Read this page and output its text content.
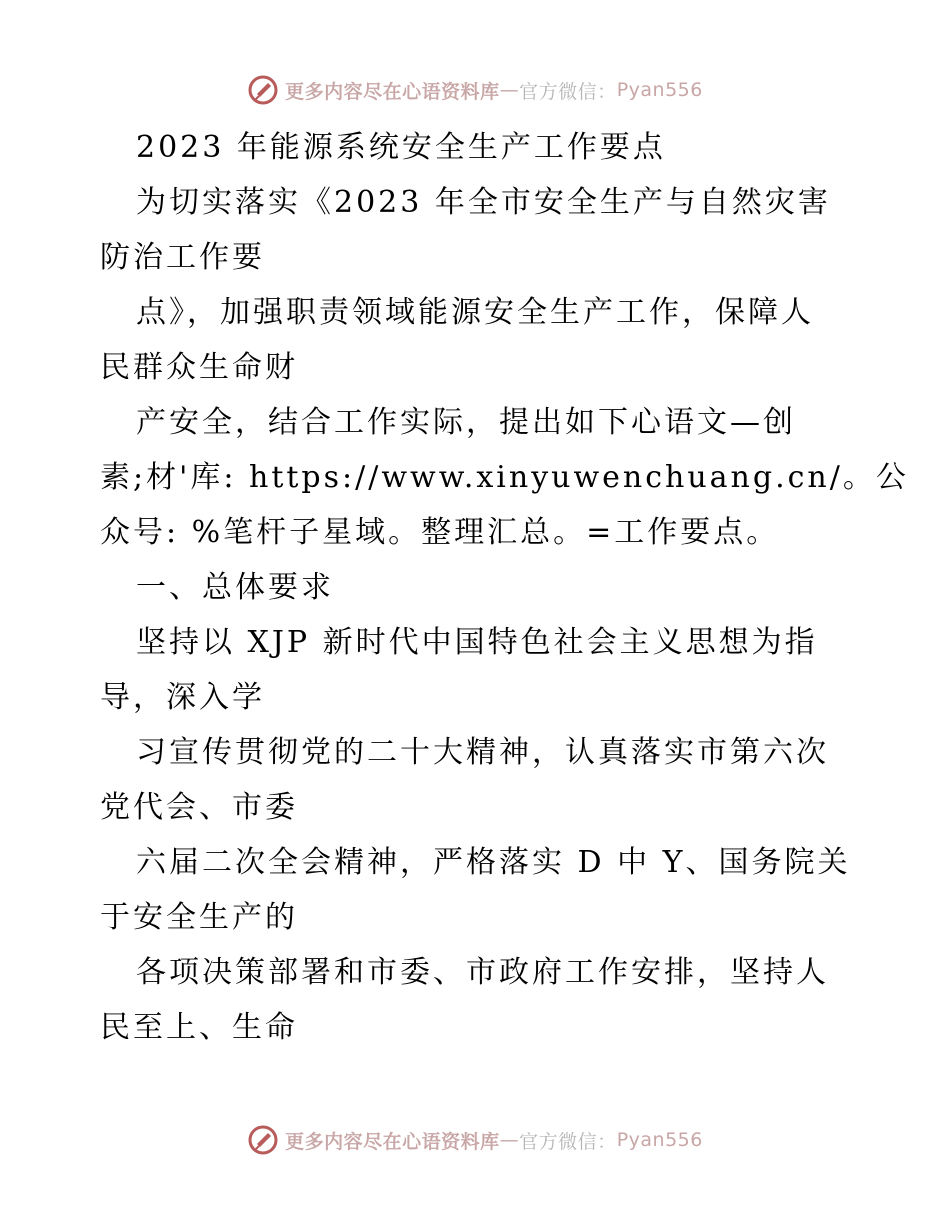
更多内容尽在心语资料库 — 官方微信： Pyan556
2023 年能源系统安全生产工作要点
为切实落实《2023 年全市安全生产与自然灾害
防治工作要
点》，加强职责领域能源安全生产工作，保障人
民群众生命财
产安全，结合工作实际，提出如下心语文—创
素;材'库: https://www.xinyuwenchuang.cn/。公
众号: %笔杆子星域。整理汇总。=工作要点。
一、总体要求
坚持以 XJP 新时代中国特色社会主义思想为指
导，深入学
习宣传贯彻党的二十大精神，认真落实市第六次
党代会、市委
六届二次全会精神，严格落实 D 中 Y、国务院关
于安全生产的
各项决策部署和市委、市政府工作安排，坚持人
民至上、生命
更多内容尽在心语资料库 — 官方微信： Pyan556
